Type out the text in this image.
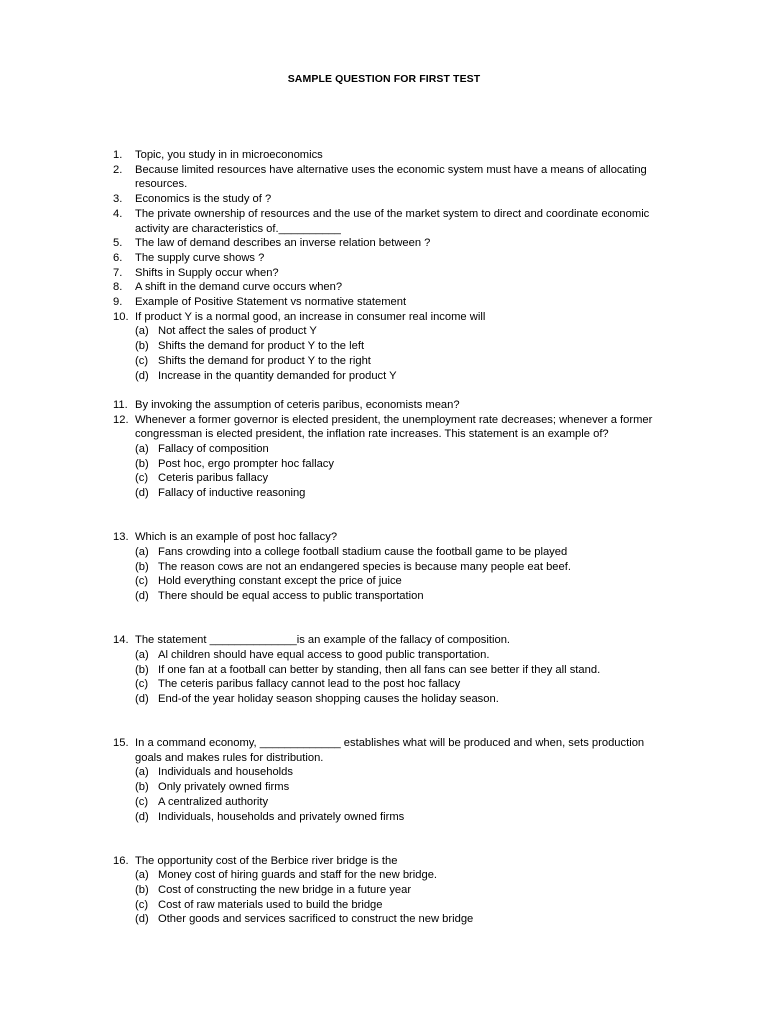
SAMPLE QUESTION FOR FIRST TEST
1.	Topic, you study in in microeconomics
2.	Because limited resources have alternative uses the economic system must have a means of allocating resources.
3.	Economics is the study of ?
4.	The private ownership of resources and the use of the market system to direct and coordinate economic activity are characteristics of.__________
5.	The law of demand describes an inverse relation between ?
6.	The supply curve shows ?
7.	Shifts in Supply occur when?
8.	A shift in the demand curve occurs when?
9.	Example of Positive Statement vs normative statement
10. If product Y is a normal good, an increase in consumer real income will
(a) Not affect the sales of product Y
(b) Shifts the demand for product Y to the left
(c) Shifts the demand for product Y to the right
(d) Increase in the quantity demanded for product Y
11. By invoking the assumption of ceteris paribus, economists mean?
12. Whenever a former governor is elected president, the unemployment rate decreases; whenever a former congressman is elected president, the inflation rate increases. This statement is an example of?
(a) Fallacy of composition
(b) Post hoc, ergo prompter hoc fallacy
(c) Ceteris paribus fallacy
(d) Fallacy of inductive reasoning
13. Which is an example of post hoc fallacy?
(a) Fans crowding into a college football stadium cause the football game to be played
(b) The reason cows are not an endangered species is because many people eat beef.
(c) Hold everything constant except the price of juice
(d) There should be equal access to public transportation
14. The statement ______________is an example of the fallacy of composition.
(a) Al children should have equal access to good public transportation.
(b) If one fan at a football can better by standing, then all fans can see better if they all stand.
(c) The ceteris paribus fallacy cannot lead to the post hoc fallacy
(d) End-of the year holiday season shopping causes the holiday season.
15. In a command economy, _____________ establishes what will be produced and when, sets production goals and makes rules for distribution.
(a) Individuals and households
(b) Only privately owned firms
(c) A centralized authority
(d) Individuals, households and privately owned firms
16. The opportunity cost of the Berbice river bridge is the
(a) Money cost of hiring guards and staff for the new bridge.
(b) Cost of constructing the new bridge in a future year
(c) Cost of raw materials used to build the bridge
(d) Other goods and services sacrificed to construct the new bridge
